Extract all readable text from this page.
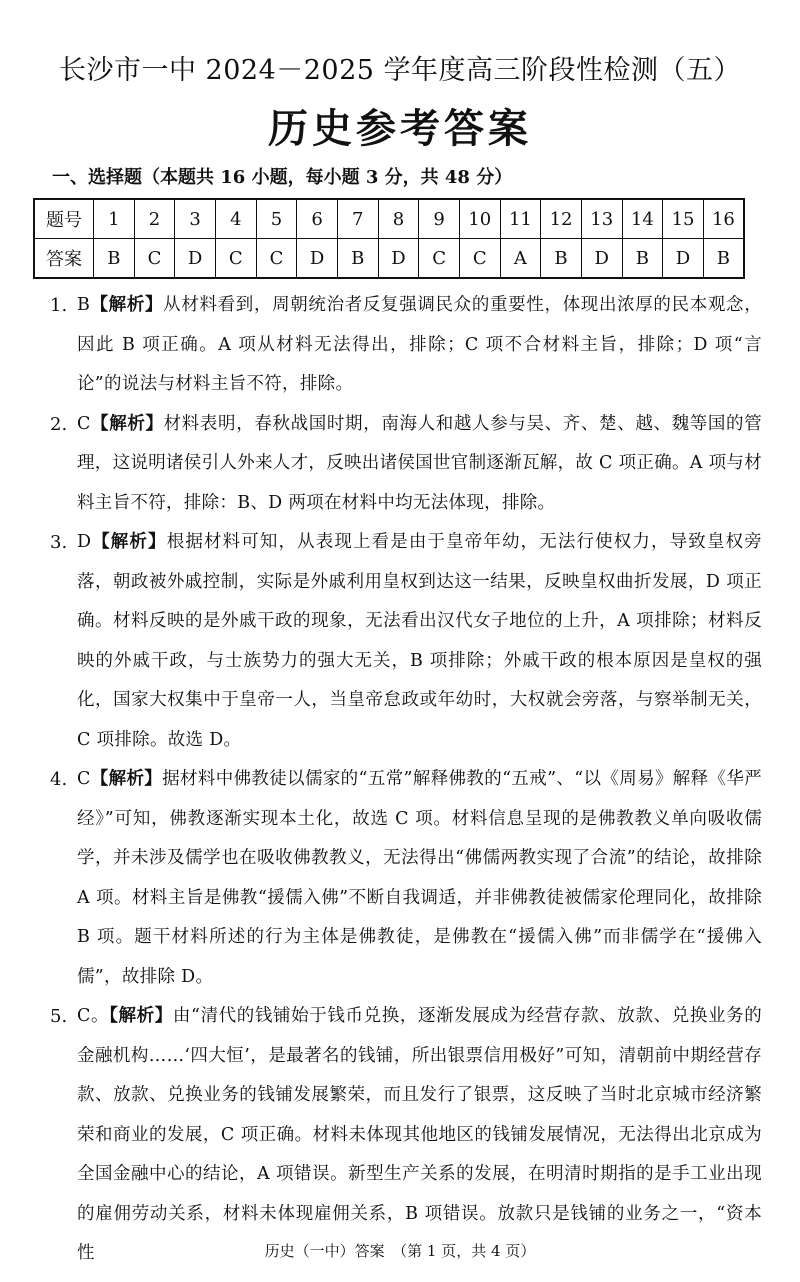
长沙市一中 2024－2025 学年度高三阶段性检测（五）
历史参考答案
一、选择题（本题共 16 小题，每小题 3 分，共 48 分）
题号	1	2	3	4	5	6	7	8	9	10	11	12	13	14	15	16
答案	B	C	D	C	C	D	B	D	C	C	A	B	D	B	D	B
1. B【解析】从材料看到，周朝统治者反复强调民众的重要性，体现出浓厚的民本观念，因此 B 项正确。A 项从材料无法得出，排除；C 项不合材料主旨，排除；D 项“言论”的说法与材料主旨不符，排除。
2. C【解析】材料表明，春秋战国时期，南海人和越人参与吴、齐、楚、越、魏等国的管理，这说明诸侯引人外来人才，反映出诸侯国世官制逐渐瓦解，故 C 项正确。A 项与材料主旨不符，排除：B、D 两项在材料中均无法体现，排除。
3. D【解析】根据材料可知，从表现上看是由于皇帝年幼，无法行使权力，导致皇权旁落，朝政被外戚控制，实际是外戚利用皇权到达这一结果，反映皇权曲折发展，D 项正确。材料反映的是外戚干政的现象，无法看出汉代女子地位的上升，A 项排除；材料反映的外戚干政，与士族势力的强大无关，B 项排除；外戚干政的根本原因是皇权的强化，国家大权集中于皇帝一人，当皇帝怠政或年幼时，大权就会旁落，与察举制无关，C 项排除。故选 D。
4. C【解析】据材料中佛教徒以儒家的“五常”解释佛教的“五戒”、“以《周易》解释《华严经》”可知，佛教逐渐实现本土化，故选 C 项。材料信息呈现的是佛教教义单向吸收儒学，并未涉及儒学也在吸收佛教教义，无法得出“佛儒两教实现了合流”的结论，故排除 A 项。材料主旨是佛教“援儒入佛”不断自我调适，并非佛教徒被儒家伦理同化，故排除 B 项。题干材料所述的行为主体是佛教徒，是佛教在“援儒入佛”而非儒学在“援佛入儒”，故排除 D。
5. C。【解析】由“清代的钱铺始于钱币兑换，逐渐发展成为经营存款、放款、兑换业务的金融机构……‘四大恒’，是最著名的钱铺，所出银票信用极好”可知，清朝前中期经营存款、放款、兑换业务的钱铺发展繁荣，而且发行了银票，这反映了当时北京城市经济繁荣和商业的发展，C 项正确。材料未体现其他地区的钱铺发展情况，无法得出北京成为全国金融中心的结论，A 项错误。新型生产关系的发展，在明清时期指的是手工业出现的雇佣劳动关系，材料未体现雇佣关系，B 项错误。放款只是钱铺的业务之一，“资本性	历史（一中）答案　（第 1 页，共 4 页）
